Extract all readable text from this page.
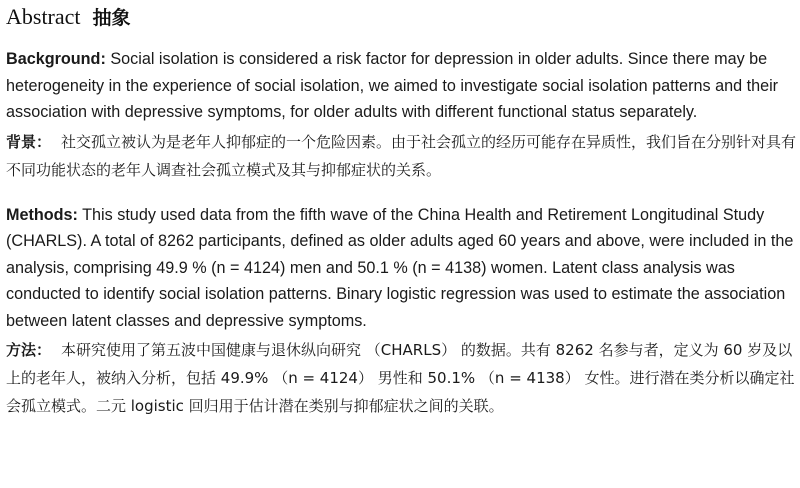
Abstract 抽象

Background: Social isolation is considered a risk factor for depression in older adults. Since there may be heterogeneity in the experience of social isolation, we aimed to investigate social isolation patterns and their association with depressive symptoms, for older adults with different functional status separately.

背景： 社交孤立被认为是老年人抑郁症的一个危险因素。由于社会孤立的经历可能存在异质性，我们旨在分别针对具有不同功能状态的老年人调查社会孤立模式及其与抑郁症状的关系。

Methods: This study used data from the fifth wave of the China Health and Retirement Longitudinal Study (CHARLS). A total of 8262 participants, defined as older adults aged 60 years and above, were included in the analysis, comprising 49.9 % (n = 4124) men and 50.1 % (n = 4138) women. Latent class analysis was conducted to identify social isolation patterns. Binary logistic regression was used to estimate the association between latent classes and depressive symptoms.

方法： 本研究使用了第五波中国健康与退休纵向研究 （CHARLS） 的数据。共有 8262 名参与者，定义为 60 岁及以上的老年人，被纳入分析，包括 49.9% （n = 4124） 男性和 50.1% （n = 4138） 女性。进行潜在类分析以确定社会孤立模式。二元 logistic 回归用于估计潜在类别与抑郁症状之间的关联。
